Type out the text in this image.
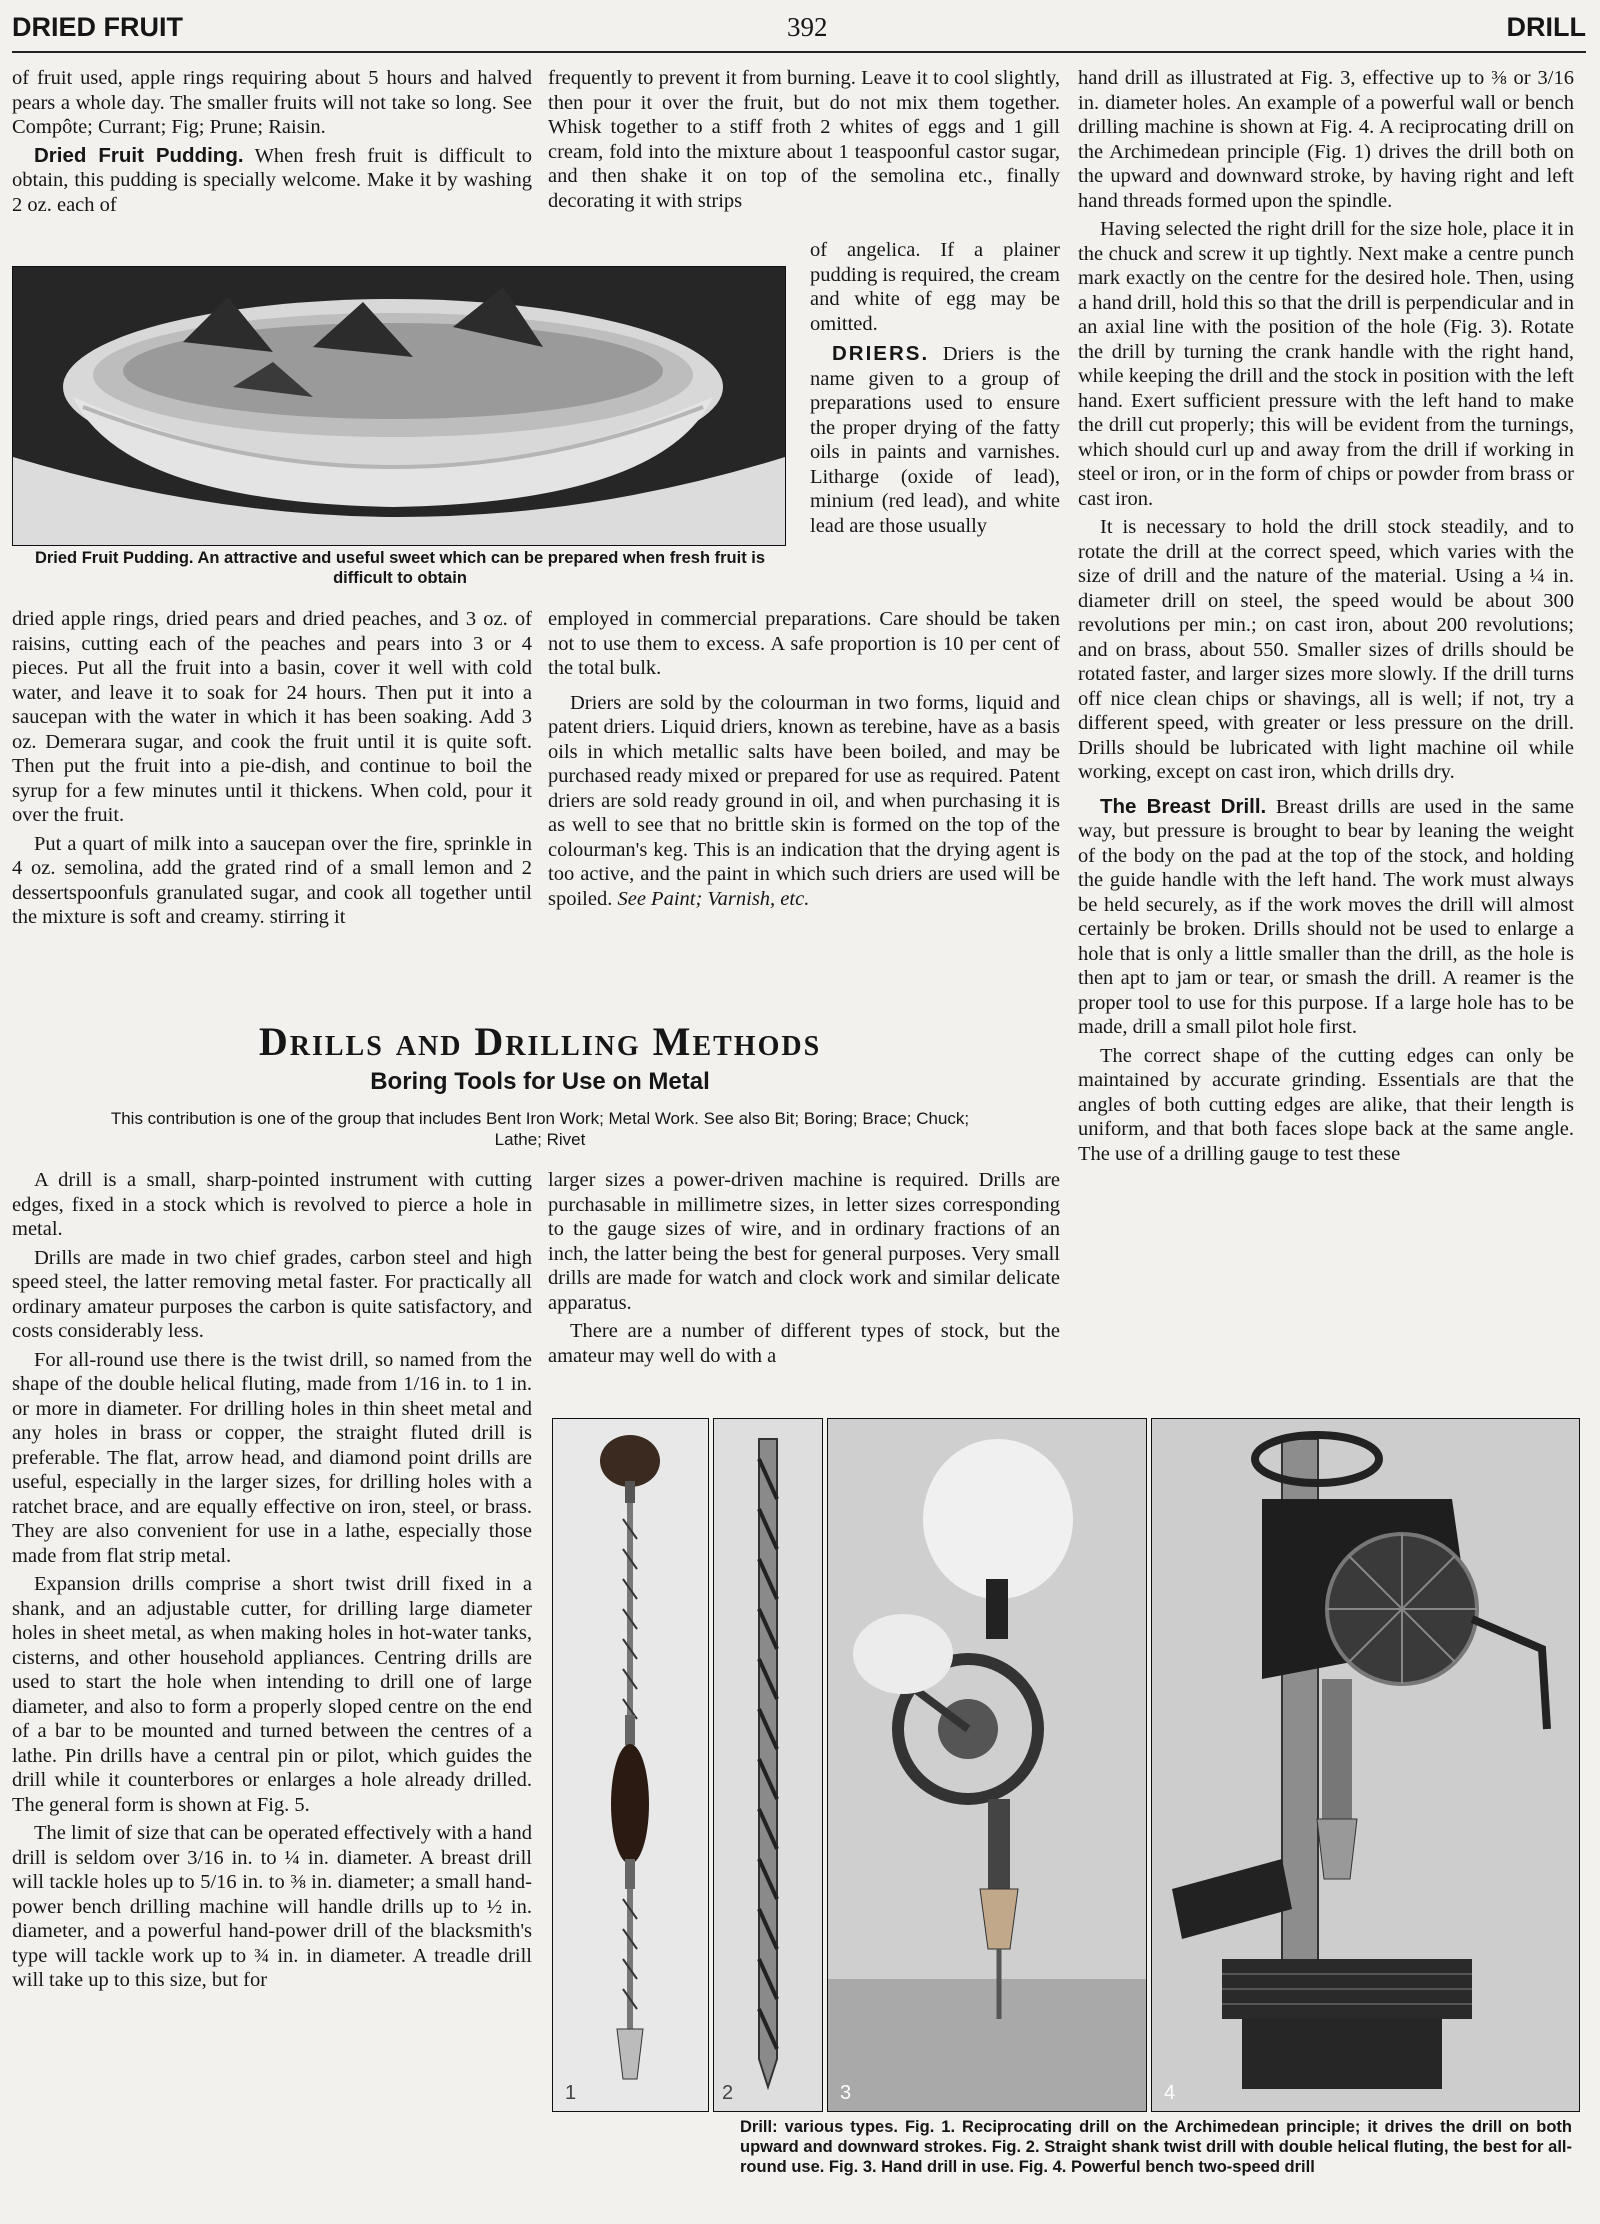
DRIED FRUIT	392	DRILL

of fruit used, apple rings requiring about 5 hours and halved pears a whole day. The smaller fruits will not take so long. See Compôte; Currant; Fig; Prune; Raisin.

Dried Fruit Pudding. When fresh fruit is difficult to obtain, this pudding is specially welcome. Make it by washing 2 oz. each of

Dried Fruit Pudding. An attractive and useful sweet which can be prepared when fresh fruit is difficult to obtain

dried apple rings, dried pears and dried peaches, and 3 oz. of raisins, cutting each of the peaches and pears into 3 or 4 pieces. Put all the fruit into a basin, cover it well with cold water, and leave it to soak for 24 hours. Then put it into a saucepan with the water in which it has been soaking. Add 3 oz. Demerara sugar, and cook the fruit until it is quite soft. Then put the fruit into a pie-dish, and continue to boil the syrup for a few minutes until it thickens. When cold, pour it over the fruit.

Put a quart of milk into a saucepan over the fire, sprinkle in 4 oz. semolina, add the grated rind of a small lemon and 2 dessertspoonfuls granulated sugar, and cook all together until the mixture is soft and creamy. stirring it

frequently to prevent it from burning. Leave it to cool slightly, then pour it over the fruit, but do not mix them together. Whisk together to a stiff froth 2 whites of eggs and 1 gill cream, fold into the mixture about 1 teaspoonful castor sugar, and then shake it on top of the semolina etc., finally decorating it with strips

of angelica. If a plainer pudding is required, the cream and white of egg may be omitted.

DRIERS. Driers is the name given to a group of preparations used to ensure the proper drying of the fatty oils in paints and varnishes. Litharge (oxide of lead), minium (red lead), and white lead are those usually

employed in commercial preparations. Care should be taken not to use them to excess. A safe proportion is 10 per cent of the total bulk.

Driers are sold by the colourman in two forms, liquid and patent driers. Liquid driers, known as terebine, have as a basis oils in which metallic salts have been boiled, and may be purchased ready mixed or prepared for use as required. Patent driers are sold ready ground in oil, and when purchasing it is as well to see that no brittle skin is formed on the top of the colourman's keg. This is an indication that the drying agent is too active, and the paint in which such driers are used will be spoiled. See Paint; Varnish, etc.

hand drill as illustrated at Fig. 3, effective up to ⅜ or 3/16 in. diameter holes. An example of a powerful wall or bench drilling machine is shown at Fig. 4. A reciprocating drill on the Archimedean principle (Fig. 1) drives the drill both on the upward and downward stroke, by having right and left hand threads formed upon the spindle.

Having selected the right drill for the size hole, place it in the chuck and screw it up tightly. Next make a centre punch mark exactly on the centre for the desired hole. Then, using a hand drill, hold this so that the drill is perpendicular and in an axial line with the position of the hole (Fig. 3). Rotate the drill by turning the crank handle with the right hand, while keeping the drill and the stock in position with the left hand. Exert sufficient pressure with the left hand to make the drill cut properly; this will be evident from the turnings, which should curl up and away from the drill if working in steel or iron, or in the form of chips or powder from brass or cast iron.

It is necessary to hold the drill stock steadily, and to rotate the drill at the correct speed, which varies with the size of drill and the nature of the material. Using a ¼ in. diameter drill on steel, the speed would be about 300 revolutions per min.; on cast iron, about 200 revolutions; and on brass, about 550. Smaller sizes of drills should be rotated faster, and larger sizes more slowly. If the drill turns off nice clean chips or shavings, all is well; if not, try a different speed, with greater or less pressure on the drill. Drills should be lubricated with light machine oil while working, except on cast iron, which drills dry.

The Breast Drill. Breast drills are used in the same way, but pressure is brought to bear by leaning the weight of the body on the pad at the top of the stock, and holding the guide handle with the left hand. The work must always be held securely, as if the work moves the drill will almost certainly be broken. Drills should not be used to enlarge a hole that is only a little smaller than the drill, as the hole is then apt to jam or tear, or smash the drill. A reamer is the proper tool to use for this purpose. If a large hole has to be made, drill a small pilot hole first.

The correct shape of the cutting edges can only be maintained by accurate grinding. Essentials are that the angles of both cutting edges are alike, that their length is uniform, and that both faces slope back at the same angle. The use of a drilling gauge to test these

Drills and Drilling Methods
Boring Tools for Use on Metal
This contribution is one of the group that includes Bent Iron Work; Metal Work. See also Bit; Boring; Brace; Chuck; Lathe; Rivet

A drill is a small, sharp-pointed instrument with cutting edges, fixed in a stock which is revolved to pierce a hole in metal.

Drills are made in two chief grades, carbon steel and high speed steel, the latter removing metal faster. For practically all ordinary amateur purposes the carbon is quite satisfactory, and costs considerably less.

For all-round use there is the twist drill, so named from the shape of the double helical fluting, made from 1/16 in. to 1 in. or more in diameter. For drilling holes in thin sheet metal and any holes in brass or copper, the straight fluted drill is preferable. The flat, arrow head, and diamond point drills are useful, especially in the larger sizes, for drilling holes with a ratchet brace, and are equally effective on iron, steel, or brass. They are also convenient for use in a lathe, especially those made from flat strip metal.

Expansion drills comprise a short twist drill fixed in a shank, and an adjustable cutter, for drilling large diameter holes in sheet metal, as when making holes in hot-water tanks, cisterns, and other household appliances. Centring drills are used to start the hole when intending to drill one of large diameter, and also to form a properly sloped centre on the end of a bar to be mounted and turned between the centres of a lathe. Pin drills have a central pin or pilot, which guides the drill while it counterbores or enlarges a hole already drilled. The general form is shown at Fig. 5.

The limit of size that can be operated effectively with a hand drill is seldom over 3/16 in. to ¼ in. diameter. A breast drill will tackle holes up to 5/16 in. to ⅜ in. diameter; a small hand-power bench drilling machine will handle drills up to ½ in. diameter, and a powerful hand-power drill of the blacksmith's type will tackle work up to ¾ in. in diameter. A treadle drill will take up to this size, but for

larger sizes a power-driven machine is required. Drills are purchasable in millimetre sizes, in letter sizes corresponding to the gauge sizes of wire, and in ordinary fractions of an inch, the latter being the best for general purposes. Very small drills are made for watch and clock work and similar delicate apparatus.

There are a number of different types of stock, but the amateur may well do with a

1	2	3	4
Drill: various types. Fig. 1. Reciprocating drill on the Archimedean principle; it drives the drill on both upward and downward strokes. Fig. 2. Straight shank twist drill with double helical fluting, the best for all-round use. Fig. 3. Hand drill in use. Fig. 4. Powerful bench two-speed drill
